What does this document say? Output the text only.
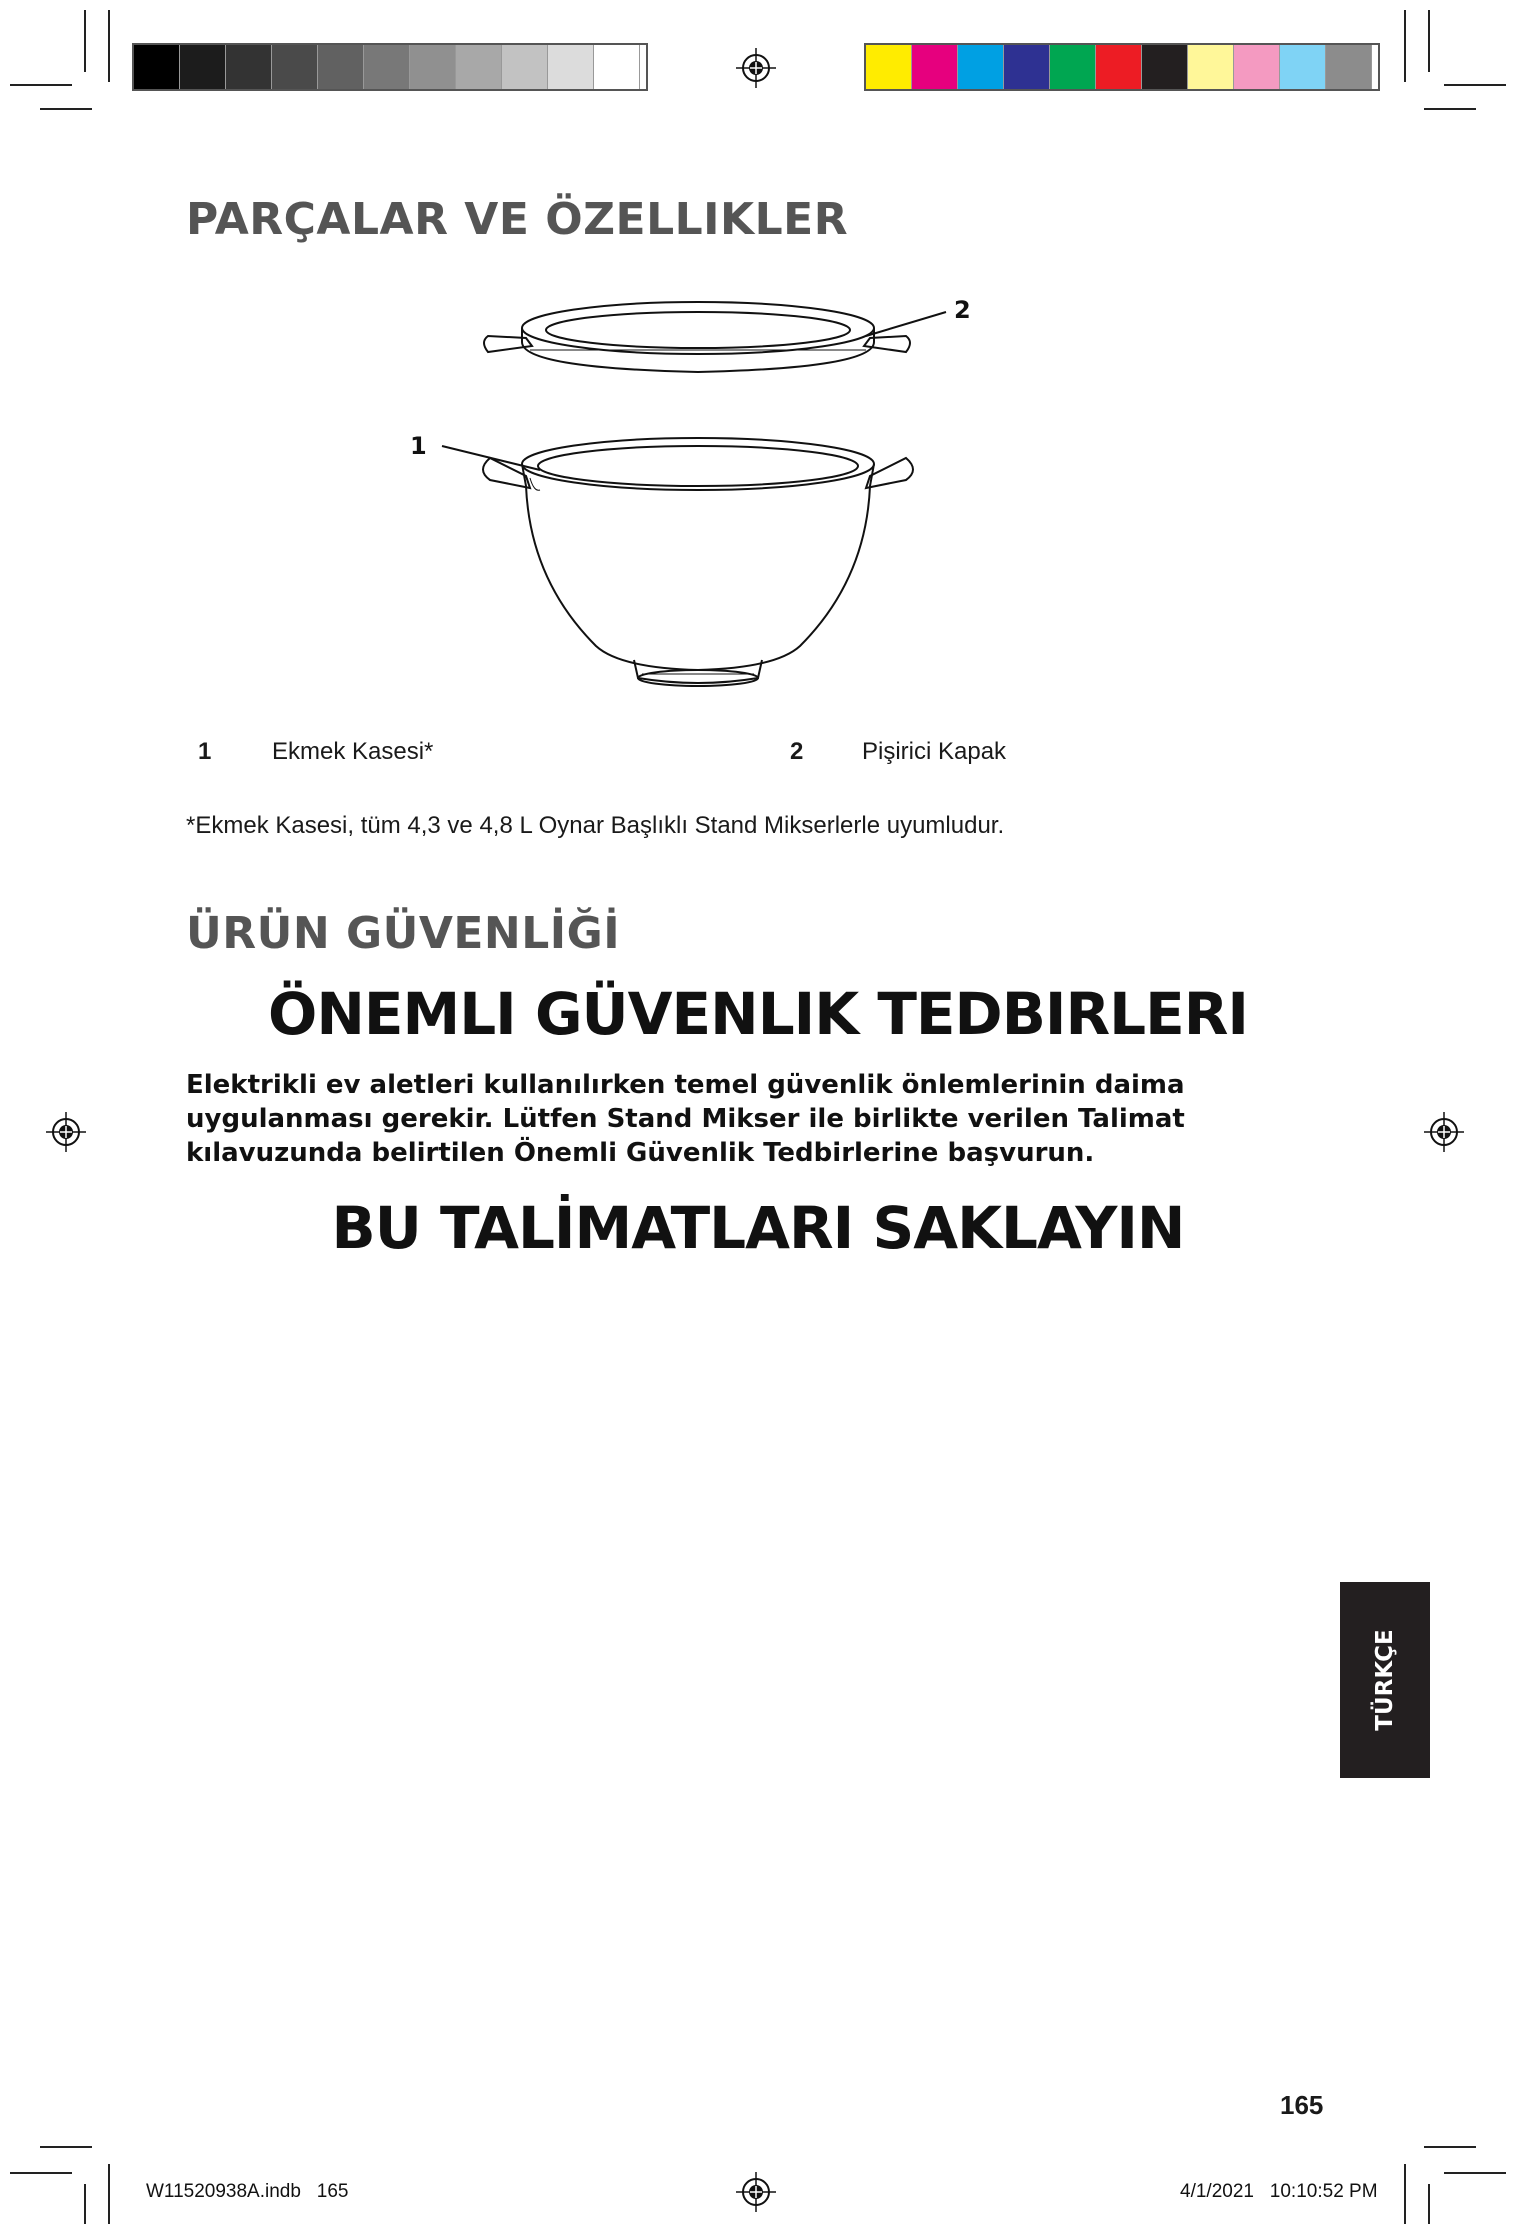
PARÇALAR VE ÖZELLIKLER
2
1
1	Ekmek Kasesi*	2 Pişirici Kapak
*Ekmek Kasesi, tüm 4,3 ve 4,8 L Oynar Başlıklı Stand Mikserlerle uyumludur.
ÜRÜN GÜVENLİĞİ
ÖNEMLI GÜVENLIK TEDBIRLERI
Elektrikli ev aletleri kullanılırken temel güvenlik önlemlerinin daima uygulanması gerekir. Lütfen Stand Mikser ile birlikte verilen Talimat kılavuzunda belirtilen Önemli Güvenlik Tedbirlerine başvurun.
BU TALİMATLARI SAKLAYIN
TÜRKÇE
165
W11520938A.indb   165	4/1/2021   10:10:52 PM
